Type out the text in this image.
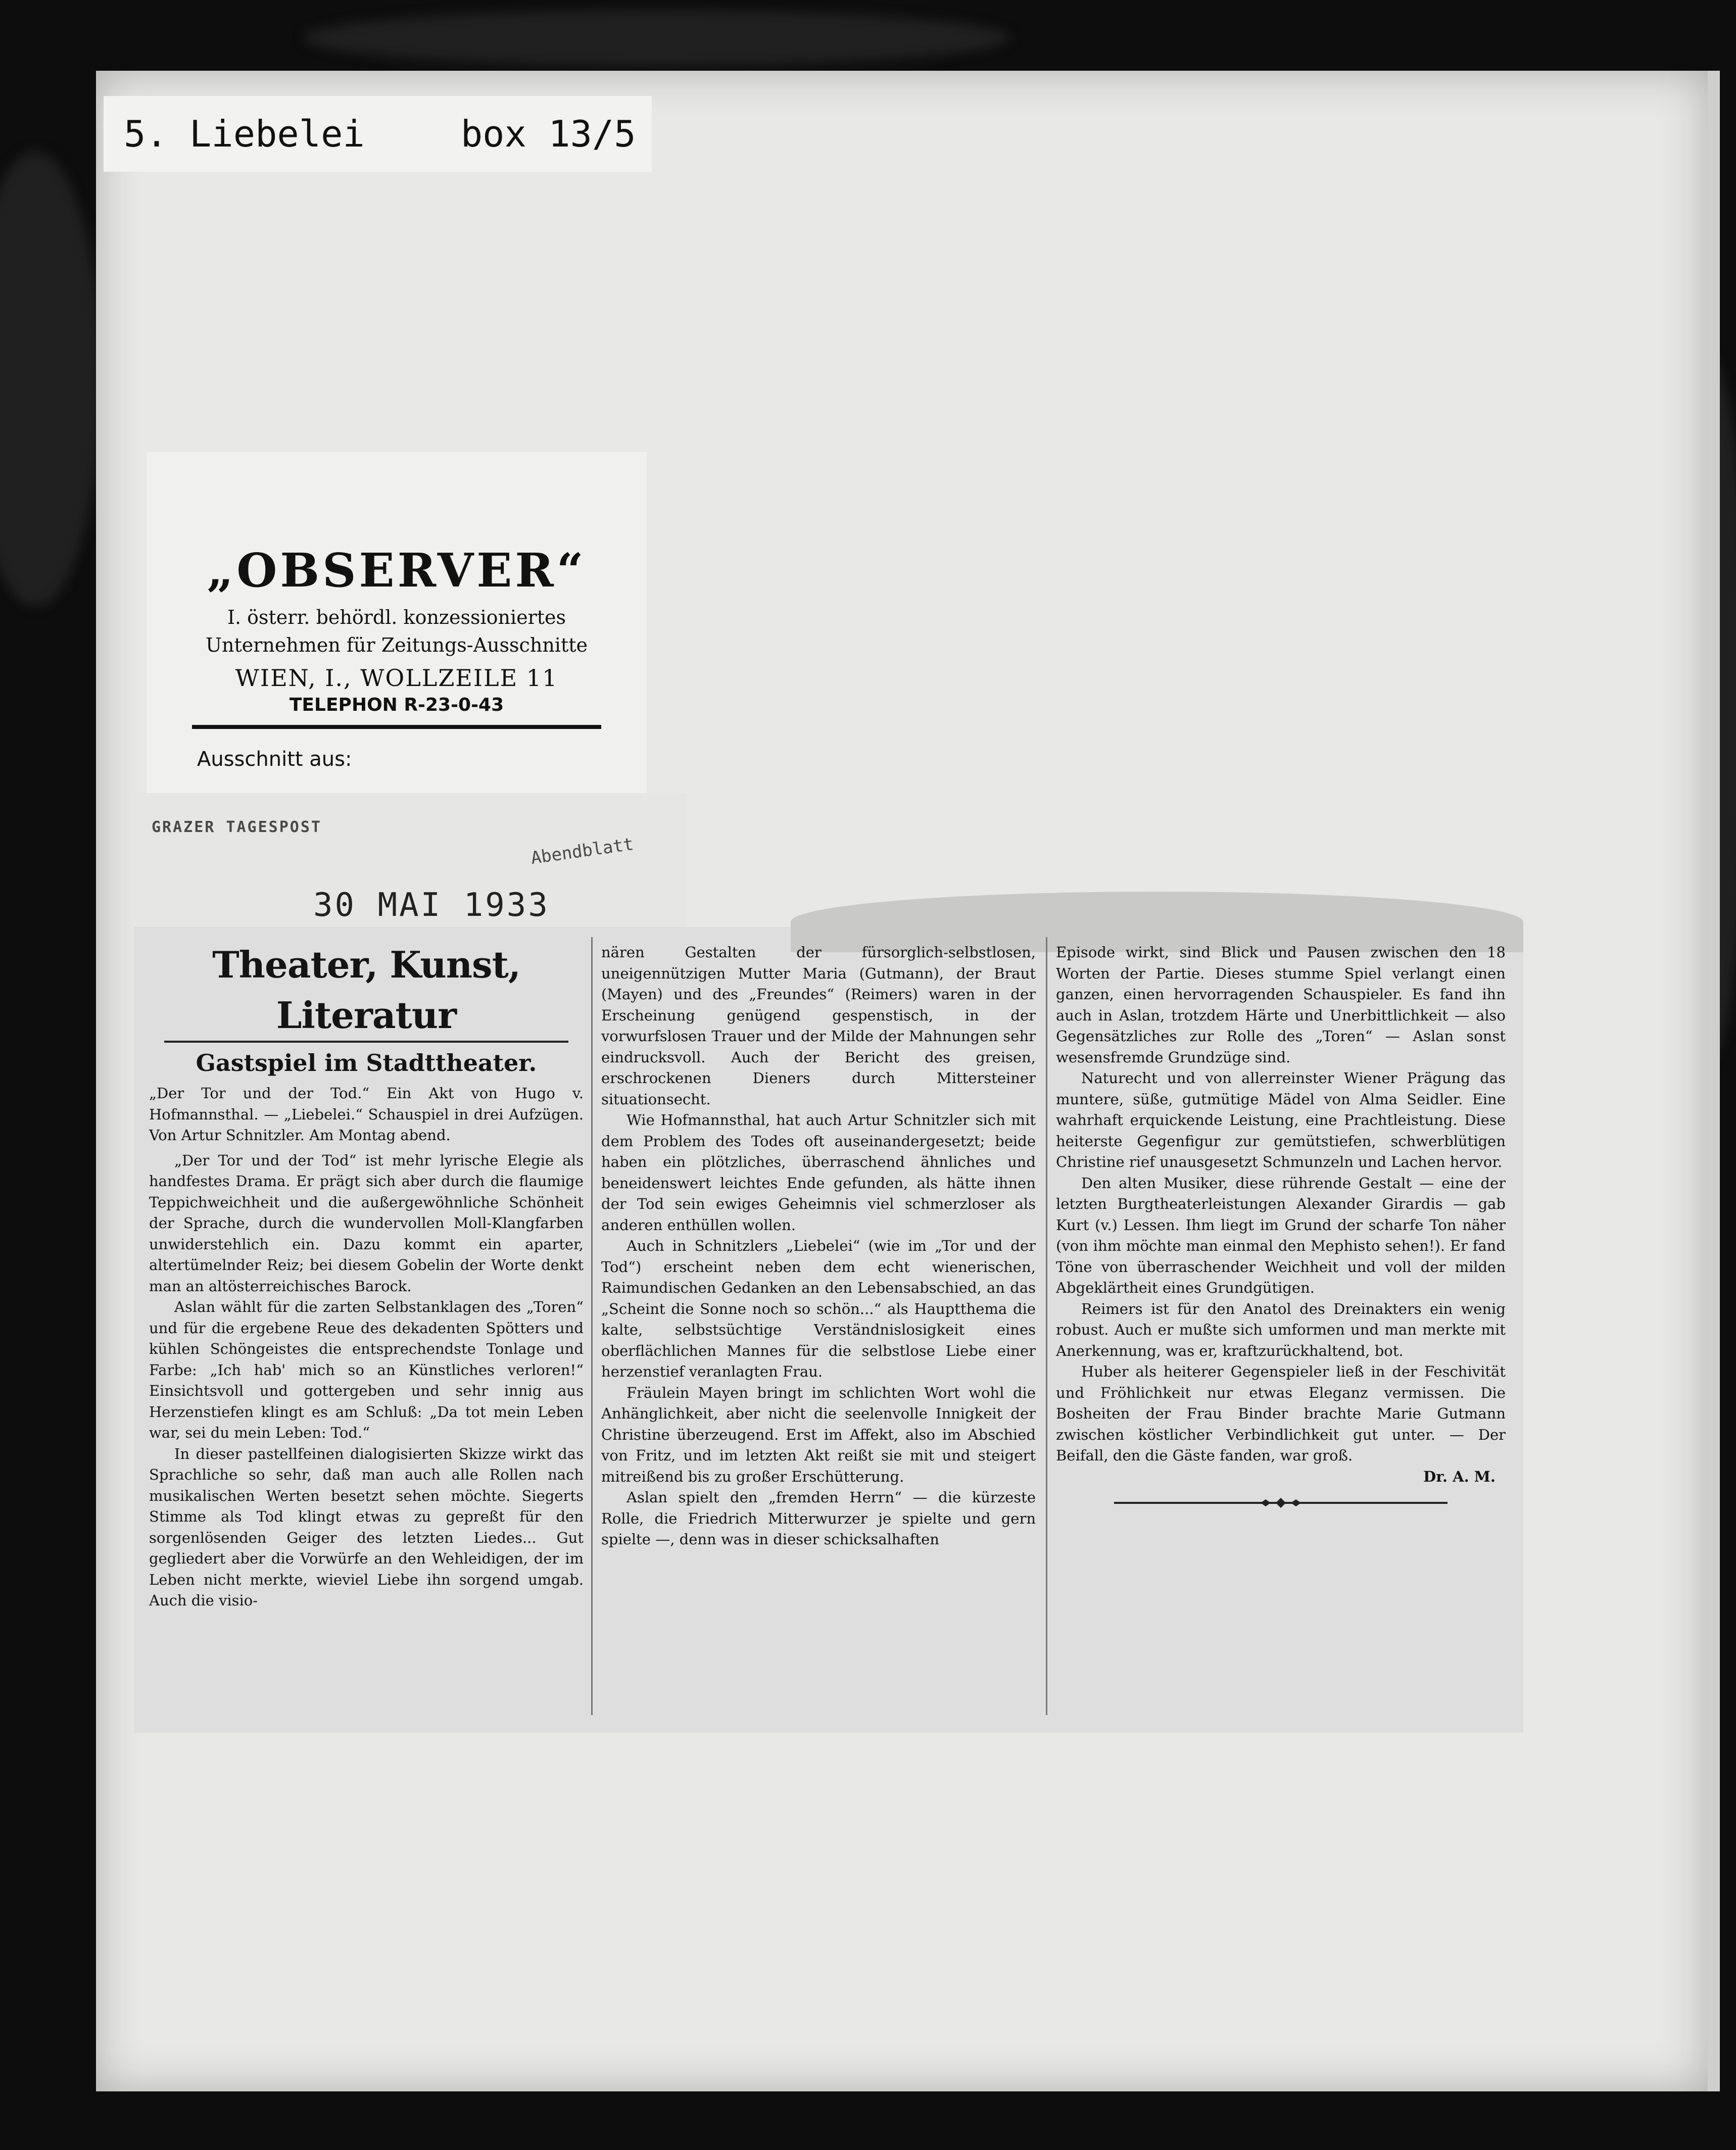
5. Liebelei	box 13/5
„OBSERVER“
I. österr. behördl. konzessioniertes
Unternehmen für Zeitungs-Ausschnitte
WIEN, I., WOLLZEILE 11
TELEPHON R-23-0-43
Ausschnitt aus:
GRAZER TAGESPOST
Abendblatt
30 MAI 1933
Theater, Kunst, Literatur
Gastspiel im Stadttheater.
„Der Tor und der Tod.“ Ein Akt von Hugo v. Hofmannsthal. — „Liebelei.“ Schauspiel in drei Aufzügen. Von Artur Schnitzler. Am Montag abend.

„Der Tor und der Tod“ ist mehr lyrische Elegie als handfestes Drama. Er prägt sich aber durch die flaumige Teppichweichheit und die außergewöhnliche Schönheit der Sprache, durch die wundervollen Moll-Klangfarben unwiderstehlich ein. Dazu kommt ein aparter, altertümelnder Reiz; bei diesem Gobelin der Worte denkt man an altösterreichisches Barock.

Aslan wählt für die zarten Selbstanklagen des „Toren“ und für die ergebene Reue des dekadenten Spötters und kühlen Schöngeistes die entsprechendste Tonlage und Farbe: „Ich hab' mich so an Künstliches verloren!“ Einsichtsvoll und gottergeben und sehr innig aus Herzenstiefen klingt es am Schluß: „Da tot mein Leben war, sei du mein Leben: Tod.“

In dieser pastellfeinen dialogisierten Skizze wirkt das Sprachliche so sehr, daß man auch alle Rollen nach musikalischen Werten besetzt sehen möchte. Siegerts Stimme als Tod klingt etwas zu gepreßt für den sorgenlösenden Geiger des letzten Liedes... Gut gegliedert aber die Vorwürfe an den Wehleidigen, der im Leben nicht merkte, wieviel Liebe ihn sorgend umgab. Auch die visio-

nären Gestalten der fürsorglich-selbstlosen, uneigennützigen Mutter Maria (Gutmann), der Braut (Mayen) und des „Freundes“ (Reimers) waren in der Erscheinung genügend gespenstisch, in der vorwurfslosen Trauer und der Milde der Mahnungen sehr eindrucksvoll. Auch der Bericht des greisen, erschrockenen Dieners durch Mittersteiner situationsecht.

Wie Hofmannsthal, hat auch Artur Schnitzler sich mit dem Problem des Todes oft auseinandergesetzt; beide haben ein plötzliches, überraschend ähnliches und beneidenswert leichtes Ende gefunden, als hätte ihnen der Tod sein ewiges Geheimnis viel schmerzloser als anderen enthüllen wollen.

Auch in Schnitzlers „Liebelei“ (wie im „Tor und der Tod“) erscheint neben dem echt wienerischen, Raimundischen Gedanken an den Lebensabschied, an das „Scheint die Sonne noch so schön...“ als Hauptthema die kalte, selbstsüchtige Verständnislosigkeit eines oberflächlichen Mannes für die selbstlose Liebe einer herzenstief veranlagten Frau.

Fräulein Mayen bringt im schlichten Wort wohl die Anhänglichkeit, aber nicht die seelenvolle Innigkeit der Christine überzeugend. Erst im Affekt, also im Abschied von Fritz, und im letzten Akt reißt sie mit und steigert mitreißend bis zu großer Erschütterung.

Aslan spielt den „fremden Herrn“ — die kürzeste Rolle, die Friedrich Mitterwurzer je spielte und gern spielte —, denn was in dieser schicksalhaften

Episode wirkt, sind Blick und Pausen zwischen den 18 Worten der Partie. Dieses stumme Spiel verlangt einen ganzen, einen hervorragenden Schauspieler. Es fand ihn auch in Aslan, trotzdem Härte und Unerbittlichkeit — also Gegensätzliches zur Rolle des „Toren“ — Aslan sonst wesensfremde Grundzüge sind.

Naturecht und von allerreinster Wiener Prägung das muntere, süße, gutmütige Mädel von Alma Seidler. Eine wahrhaft erquickende Leistung, eine Prachtleistung. Diese heiterste Gegenfigur zur gemütstiefen, schwerblütigen Christine rief unausgesetzt Schmunzeln und Lachen hervor.

Den alten Musiker, diese rührende Gestalt — eine der letzten Burgtheaterleistungen Alexander Girardis — gab Kurt (v.) Lessen. Ihm liegt im Grund der scharfe Ton näher (von ihm möchte man einmal den Mephisto sehen!). Er fand Töne von überraschender Weichheit und voll der milden Abgeklärtheit eines Grundgütigen.

Reimers ist für den Anatol des Dreinakters ein wenig robust. Auch er mußte sich umformen und man merkte mit Anerkennung, was er, kraftzurückhaltend, bot.

Huber als heiterer Gegenspieler ließ in der Feschivität und Fröhlichkeit nur etwas Eleganz vermissen. Die Bosheiten der Frau Binder brachte Marie Gutmann zwischen köstlicher Verbindlichkeit gut unter. — Der Beifall, den die Gäste fanden, war groß.

Dr. A. M.
